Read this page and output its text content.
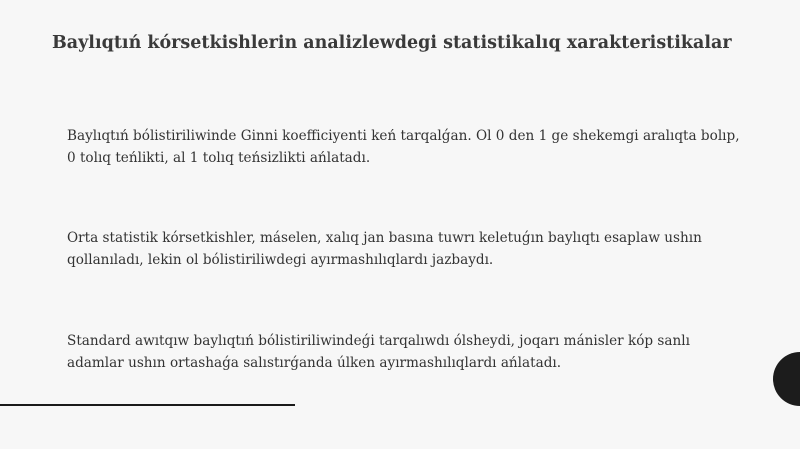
Baylıqtıń kórsetkishlerin analizlewdegi statistikalıq xarakteristikalar

Baylıqtıń bólistiriliwinde Ginni koefficiyenti keń tarqalǵan. Ol 0 den 1 ge shekemgi aralıqta bolıp, 0 tolıq teńlikti, al 1 tolıq teńsizlikti ańlatadı.

Orta statistik kórsetkishler, máselen, xalıq jan basına tuwrı keletuǵın baylıqtı esaplaw ushın qollanıladı, lekin ol bólistiriliwdegi ayırmashılıqlardı jazbaydı.

Standard awıtqıw baylıqtıń bólistiriliwindeǵi tarqalıwdı ólsheydi, joqarı mánisler kóp sanlı adamlar ushın ortashaǵa salıstırǵanda úlken ayırmashılıqlardı ańlatadı.
